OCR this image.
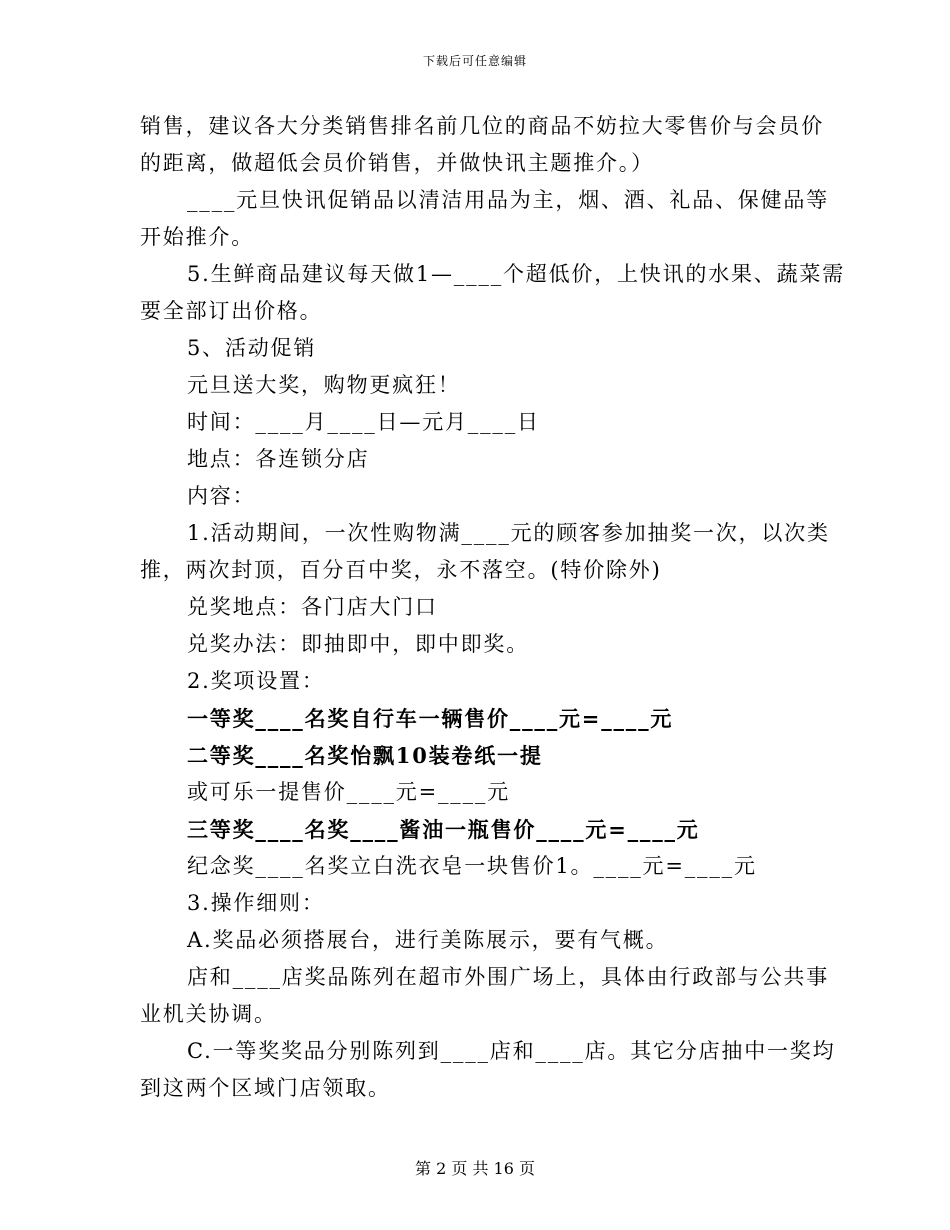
下载后可任意编辑
销售，建议各大分类销售排名前几位的商品不妨拉大零售价与会员价
的距离，做超低会员价销售，并做快讯主题推介。）
____元旦快讯促销品以清洁用品为主，烟、酒、礼品、保健品等
开始推介。
5.生鲜商品建议每天做1—____个超低价，上快讯的水果、蔬菜需
要全部订出价格。
5、活动促销
元旦送大奖，购物更疯狂！
时间：____月____日—元月____日
地点：各连锁分店
内容：
1.活动期间，一次性购物满____元的顾客参加抽奖一次，以次类
推，两次封顶，百分百中奖，永不落空。(特价除外)
兑奖地点：各门店大门口
兑奖办法：即抽即中，即中即奖。
2.奖项设置：
一等奖____名奖自行车一辆售价____元=____元
二等奖____名奖怡飘10装卷纸一提
或可乐一提售价____元=____元
三等奖____名奖____酱油一瓶售价____元=____元
纪念奖____名奖立白洗衣皂一块售价1。____元=____元
3.操作细则：
A.奖品必须搭展台，进行美陈展示，要有气概。
店和____店奖品陈列在超市外围广场上，具体由行政部与公共事
业机关协调。
C.一等奖奖品分别陈列到____店和____店。其它分店抽中一奖均
到这两个区域门店领取。
第 2 页 共 16 页
